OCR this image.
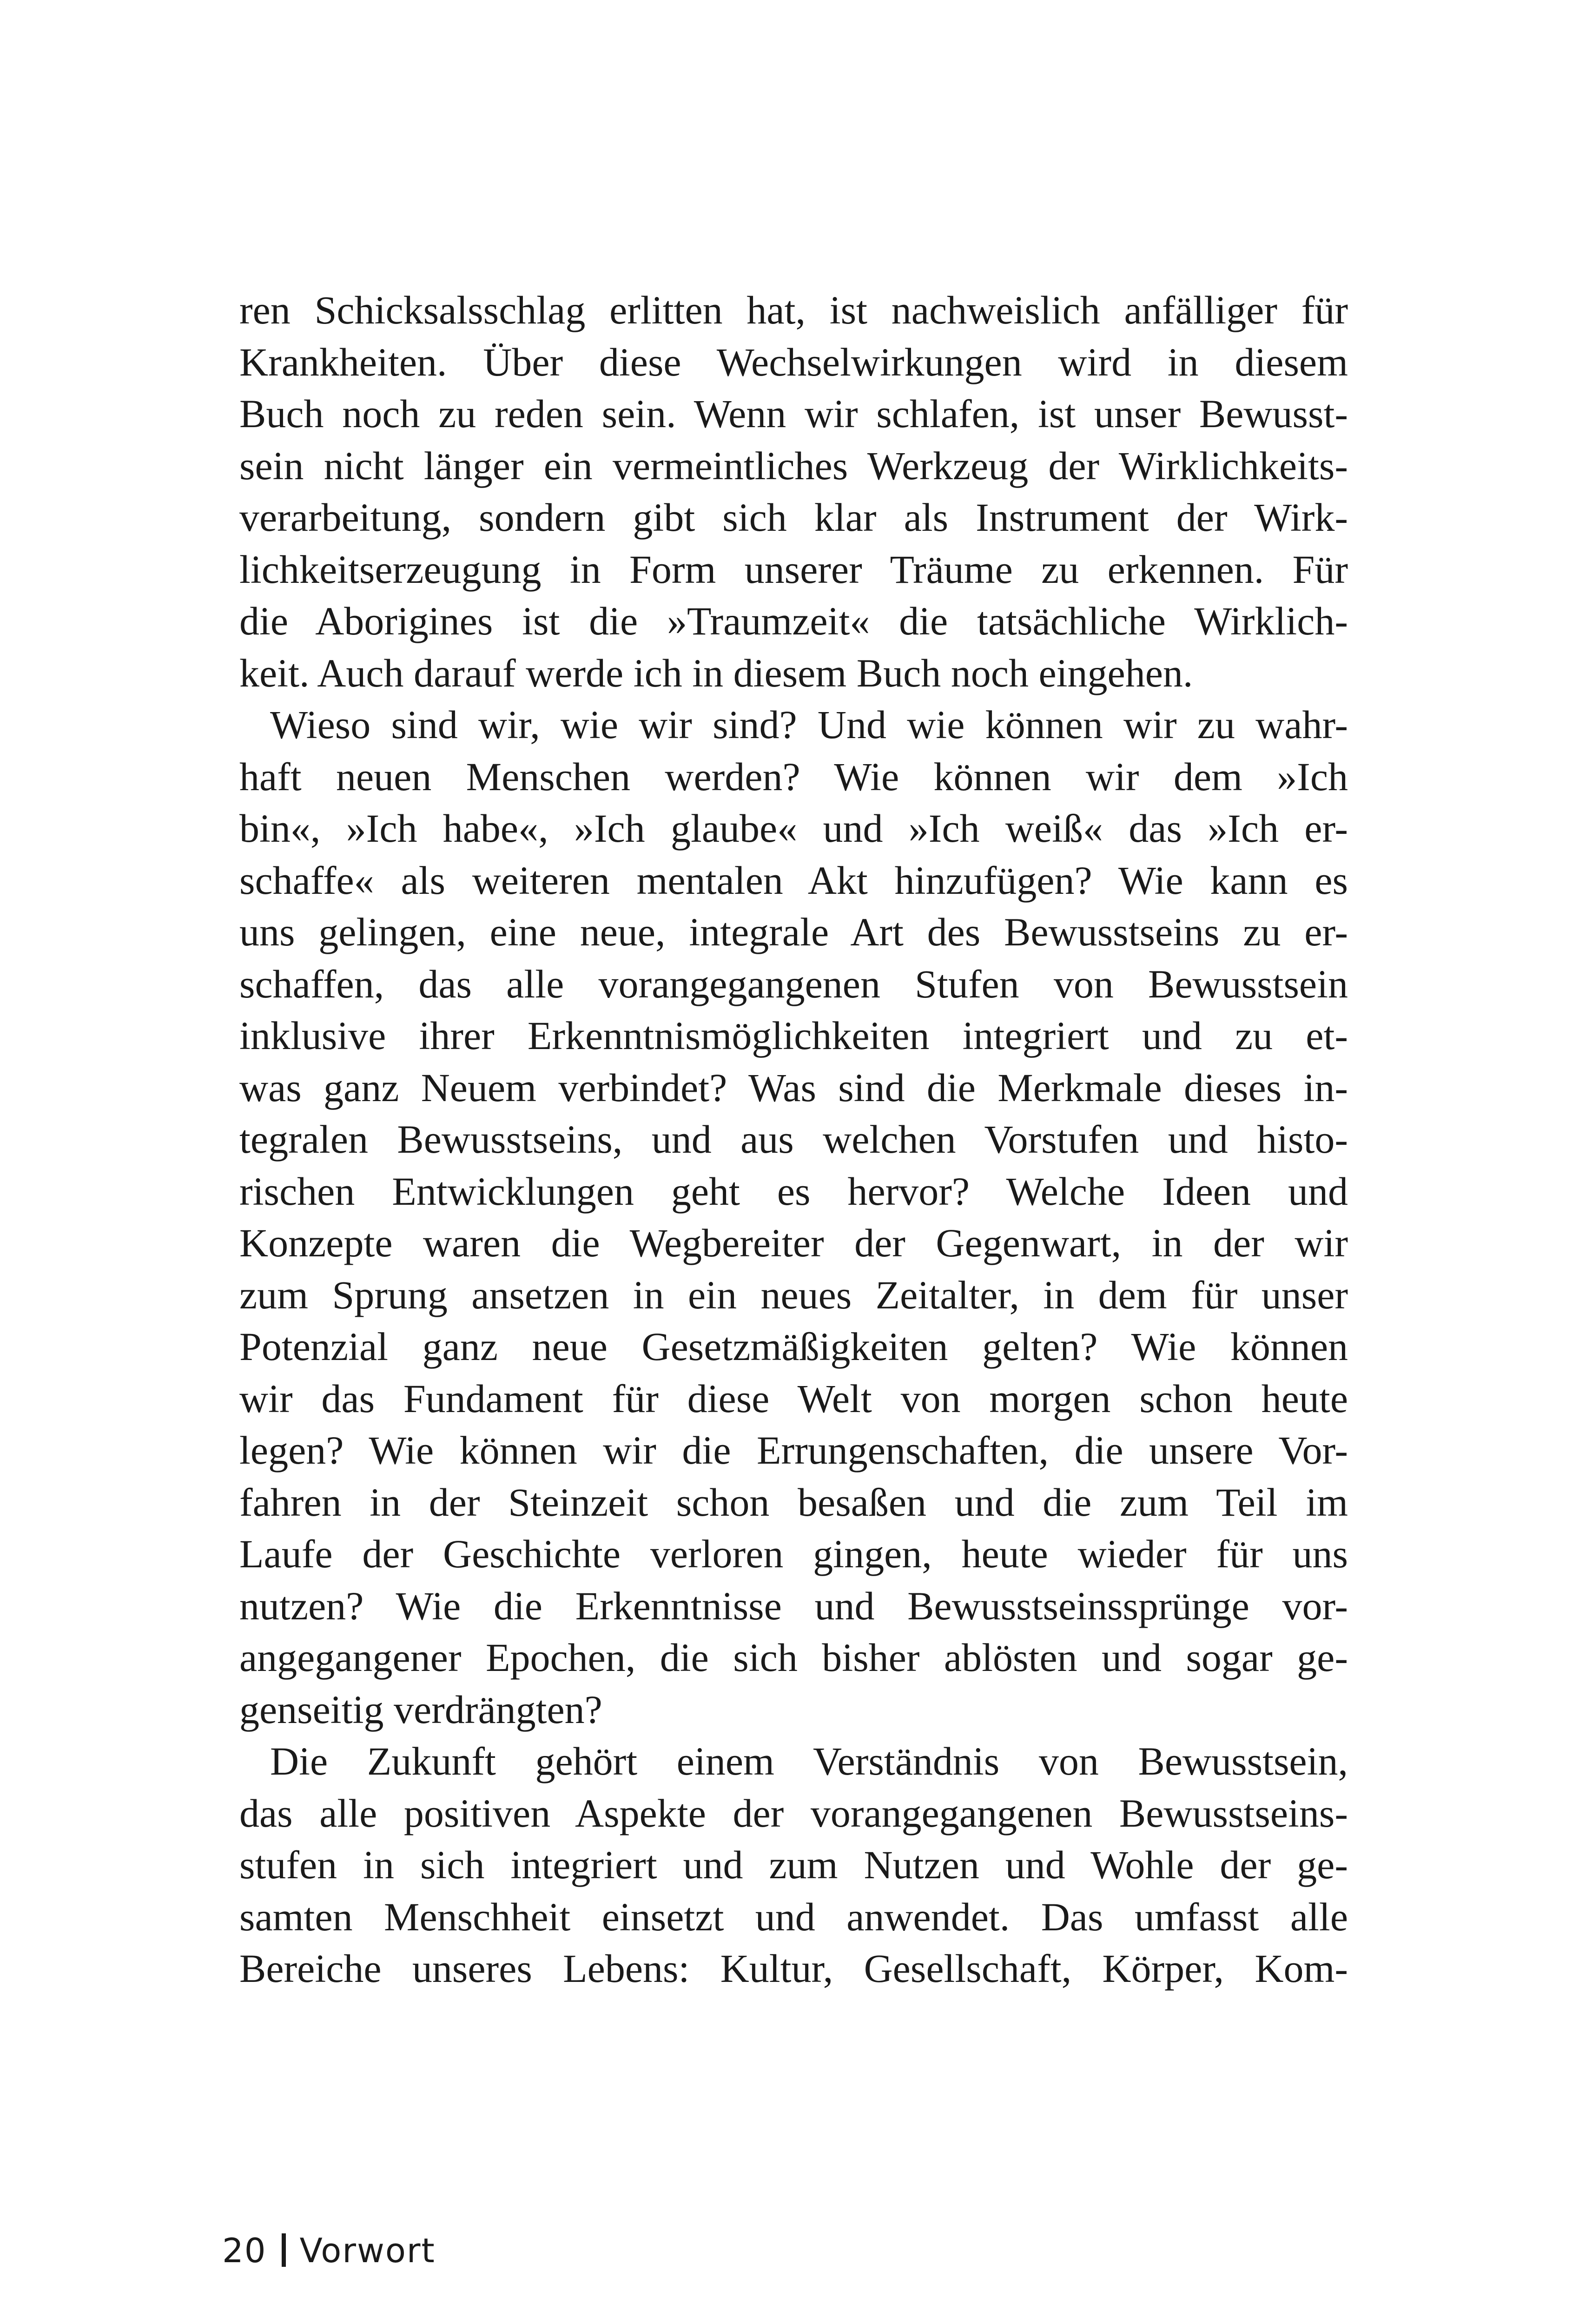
ren Schicksalsschlag erlitten hat, ist nachweislich anfälliger für
Krankheiten. Über diese Wechselwirkungen wird in diesem
Buch noch zu reden sein. Wenn wir schlafen, ist unser Bewusst-
sein nicht länger ein vermeintliches Werkzeug der Wirklichkeits-
verarbeitung, sondern gibt sich klar als Instrument der Wirk-
lichkeitserzeugung in Form unserer Träume zu erkennen. Für
die Aborigines ist die »Traumzeit« die tatsächliche Wirklich-
keit. Auch darauf werde ich in diesem Buch noch eingehen.
Wieso sind wir, wie wir sind? Und wie können wir zu wahr-
haft neuen Menschen werden? Wie können wir dem »Ich
bin«, »Ich habe«, »Ich glaube« und »Ich weiß« das »Ich er-
schaffe« als weiteren mentalen Akt hinzufügen? Wie kann es
uns gelingen, eine neue, integrale Art des Bewusstseins zu er-
schaffen, das alle vorangegangenen Stufen von Bewusstsein
inklusive ihrer Erkenntnismöglichkeiten integriert und zu et-
was ganz Neuem verbindet? Was sind die Merkmale dieses in-
tegralen Bewusstseins, und aus welchen Vorstufen und histo-
rischen Entwicklungen geht es hervor? Welche Ideen und
Konzepte waren die Wegbereiter der Gegenwart, in der wir
zum Sprung ansetzen in ein neues Zeitalter, in dem für unser
Potenzial ganz neue Gesetzmäßigkeiten gelten? Wie können
wir das Fundament für diese Welt von morgen schon heute
legen? Wie können wir die Errungenschaften, die unsere Vor-
fahren in der Steinzeit schon besaßen und die zum Teil im
Laufe der Geschichte verloren gingen, heute wieder für uns
nutzen? Wie die Erkenntnisse und Bewusstseinssprünge vor-
angegangener Epochen, die sich bisher ablösten und sogar ge-
genseitig verdrängten?
Die Zukunft gehört einem Verständnis von Bewusstsein,
das alle positiven Aspekte der vorangegangenen Bewusstseins-
stufen in sich integriert und zum Nutzen und Wohle der ge-
samten Menschheit einsetzt und anwendet. Das umfasst alle
Bereiche unseres Lebens: Kultur, Gesellschaft, Körper, Kom-
20 Vorwort
